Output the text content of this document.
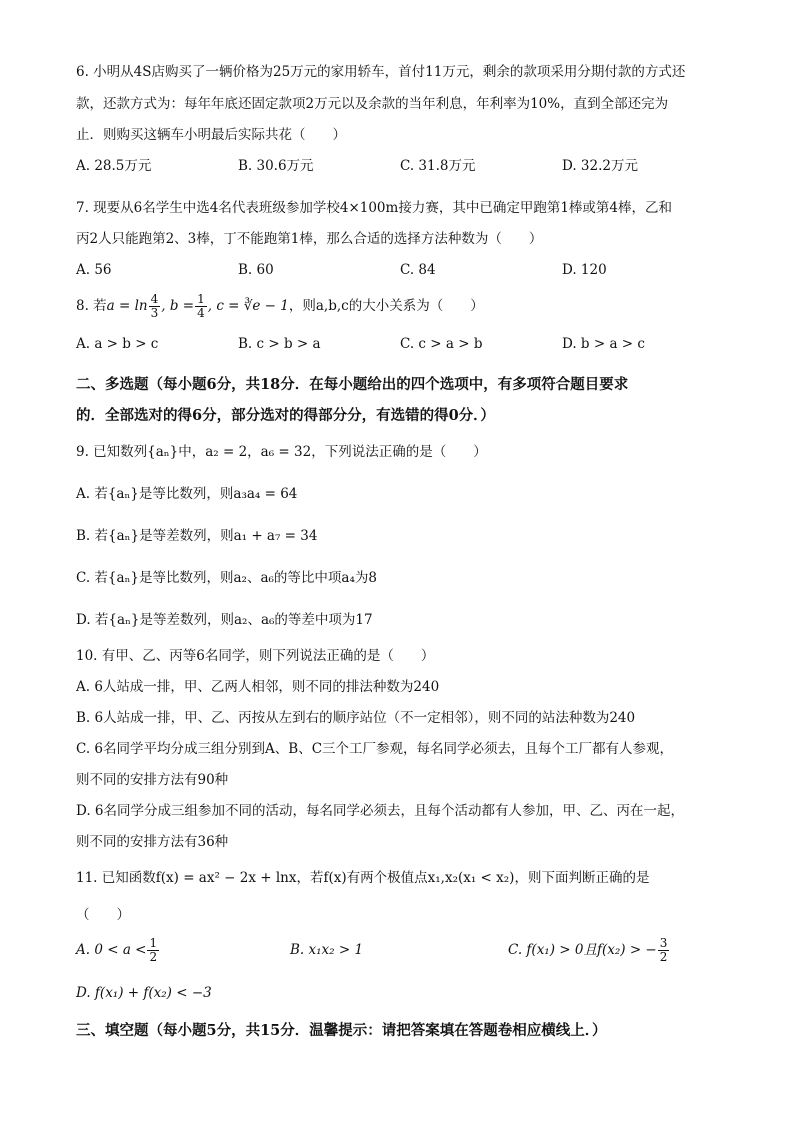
6. 小明从4S店购买了一辆价格为25万元的家用轿车，首付11万元，剩余的款项采用分期付款的方式还
款，还款方式为：每年年底还固定款项2万元以及余款的当年利息，年利率为10%，直到全部还完为
止．则购买这辆车小明最后实际共花（　　）
A. 28.5万元	B. 30.6万元	C. 31.8万元	D. 32.2万元
7. 现要从6名学生中选4名代表班级参加学校4×100m接力赛，其中已确定甲跑第1棒或第4棒，乙和
丙2人只能跑第2、3棒，丁不能跑第1棒，那么合适的选择方法种数为（　　）
A. 56	B. 60	C. 84	D. 120
8. 若$a = \ln \frac{4}{3}$ , $b = \frac{1}{4}$ , c = ∛e − 1，则a,b,c的大小关系为（　　）
A. a > b > c	B. c > b > a	C. c > a > b	D. b > a > c
二、多选题（每小题6分，共18分．在每小题给出的四个选项中，有多项符合题目要求
的．全部选对的得6分，部分选对的得部分分，有选错的得0分．）
9. 已知数列{aₙ}中，a₂ = 2，a₆ = 32，下列说法正确的是（　　）
A. 若{aₙ}是等比数列，则a₃a₄ = 64
B. 若{aₙ}是等差数列，则a₁ + a₇ = 34
C. 若{aₙ}是等比数列，则a₂、a₆的等比中项a₄为8
D. 若{aₙ}是等差数列，则a₂、a₆的等差中项为17
10. 有甲、乙、丙等6名同学，则下列说法正确的是（　　）
A. 6人站成一排，甲、乙两人相邻，则不同的排法种数为240
B. 6人站成一排，甲、乙、丙按从左到右的顺序站位（不一定相邻），则不同的站法种数为240
C. 6名同学平均分成三组分别到A、B、C三个工厂参观，每名同学必须去，且每个工厂都有人参观，
则不同的安排方法有90种
D. 6名同学分成三组参加不同的活动，每名同学必须去，且每个活动都有人参加，甲、乙、丙在一起，
则不同的安排方法有36种
11. 已知函数f(x) = ax² − 2x + lnx，若f(x)有两个极值点x₁,x₂(x₁ < x₂)，则下面判断正确的是
（　　）
A. $0 < a < \frac{1}{2}$	B. x₁x₂ > 1	C. f(x₁) > 0且f(x₂) > − $\frac{3}{2}$
D. f(x₁) + f(x₂) < −3
三、填空题（每小题5分，共15分．温馨提示：请把答案填在答题卷相应横线上．）
